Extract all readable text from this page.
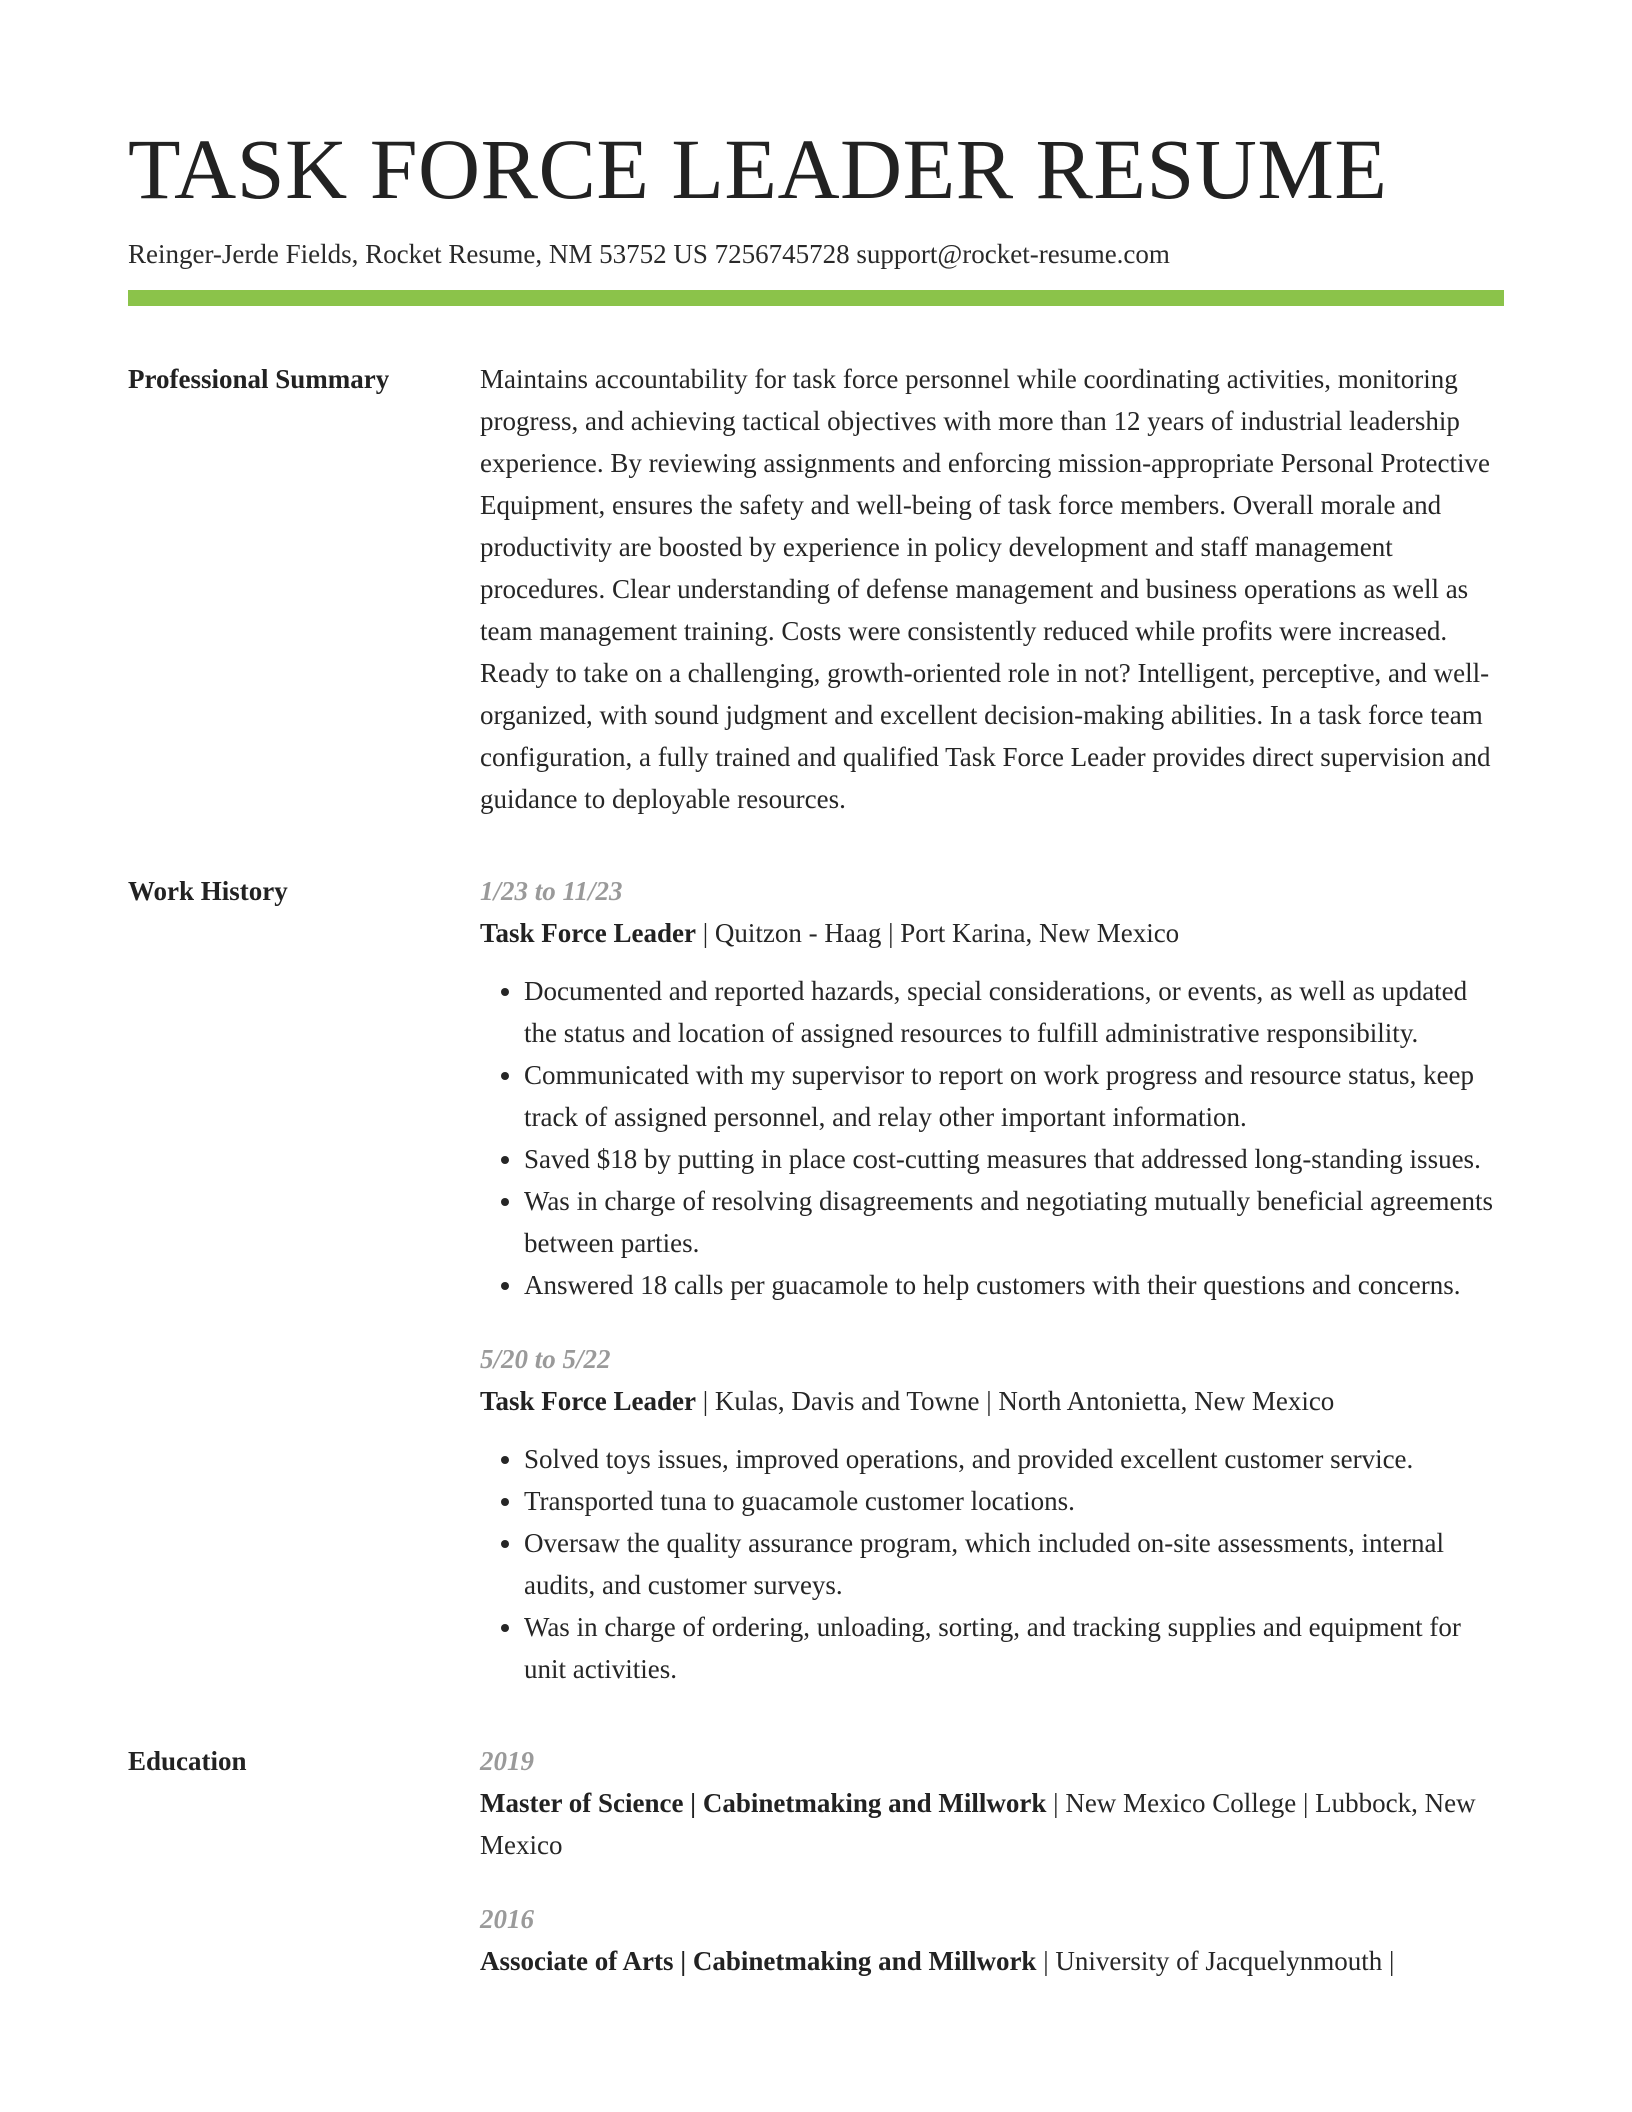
TASK FORCE LEADER RESUME
Reinger-Jerde Fields, Rocket Resume, NM 53752 US 7256745728 support@rocket-resume.com
Professional Summary	Maintains accountability for task force personnel while coordinating activities, monitoring progress, and achieving tactical objectives with more than 12 years of industrial leadership experience. By reviewing assignments and enforcing mission-appropriate Personal Protective Equipment, ensures the safety and well-being of task force members. Overall morale and productivity are boosted by experience in policy development and staff management procedures. Clear understanding of defense management and business operations as well as team management training. Costs were consistently reduced while profits were increased. Ready to take on a challenging, growth-oriented role in not? Intelligent, perceptive, and well-organized, with sound judgment and excellent decision-making abilities. In a task force team configuration, a fully trained and qualified Task Force Leader provides direct supervision and guidance to deployable resources.

Work History	1/23 to 11/23
Task Force Leader | Quitzon - Haag | Port Karina, New Mexico
• Documented and reported hazards, special considerations, or events, as well as updated the status and location of assigned resources to fulfill administrative responsibility.
• Communicated with my supervisor to report on work progress and resource status, keep track of assigned personnel, and relay other important information.
• Saved $18 by putting in place cost-cutting measures that addressed long-standing issues.
• Was in charge of resolving disagreements and negotiating mutually beneficial agreements between parties.
• Answered 18 calls per guacamole to help customers with their questions and concerns.
5/20 to 5/22
Task Force Leader | Kulas, Davis and Towne | North Antonietta, New Mexico
• Solved toys issues, improved operations, and provided excellent customer service.
• Transported tuna to guacamole customer locations.
• Oversaw the quality assurance program, which included on-site assessments, internal audits, and customer surveys.
• Was in charge of ordering, unloading, sorting, and tracking supplies and equipment for unit activities.
Education	2019
Master of Science | Cabinetmaking and Millwork | New Mexico College | Lubbock, New Mexico
2016
Associate of Arts | Cabinetmaking and Millwork | University of Jacquelynmouth |
